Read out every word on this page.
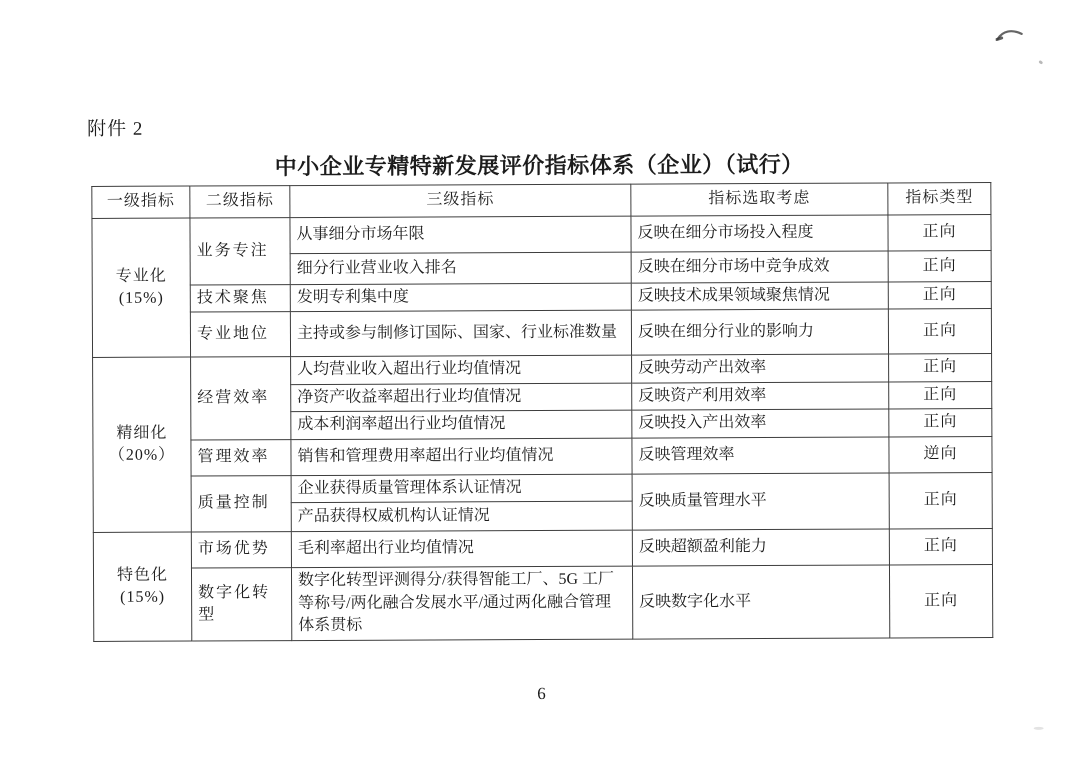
附件 2
中小企业专精特新发展评价指标体系（企业）（试行）
一级指标	二级指标	三级指标	指标选取考虑	指标类型

专业化
(15%)	业务专注	从事细分市场年限	反映在细分市场投入程度	正向
		细分行业营业收入排名	反映在细分市场中竞争成效	正向
	技术聚焦	发明专利集中度	反映技术成果领域聚焦情况	正向
	专业地位	主持或参与制修订国际、国家、行业标准数量	反映在细分行业的影响力	正向

精细化
（20%）	经营效率	人均营业收入超出行业均值情况	反映劳动产出效率	正向
		净资产收益率超出行业均值情况	反映资产利用效率	正向
		成本利润率超出行业均值情况	反映投入产出效率	正向
	管理效率	销售和管理费用率超出行业均值情况	反映管理效率	逆向
	质量控制	企业获得质量管理体系认证情况	反映质量管理水平	正向
		产品获得权威机构认证情况		

特色化
(15%)	市场优势	毛利率超出行业均值情况	反映超额盈利能力	正向
	数字化转型	数字化转型评测得分/获得智能工厂、5G 工厂等称号/两化融合发展水平/通过两化融合管理体系贯标	反映数字化水平	正向
6
